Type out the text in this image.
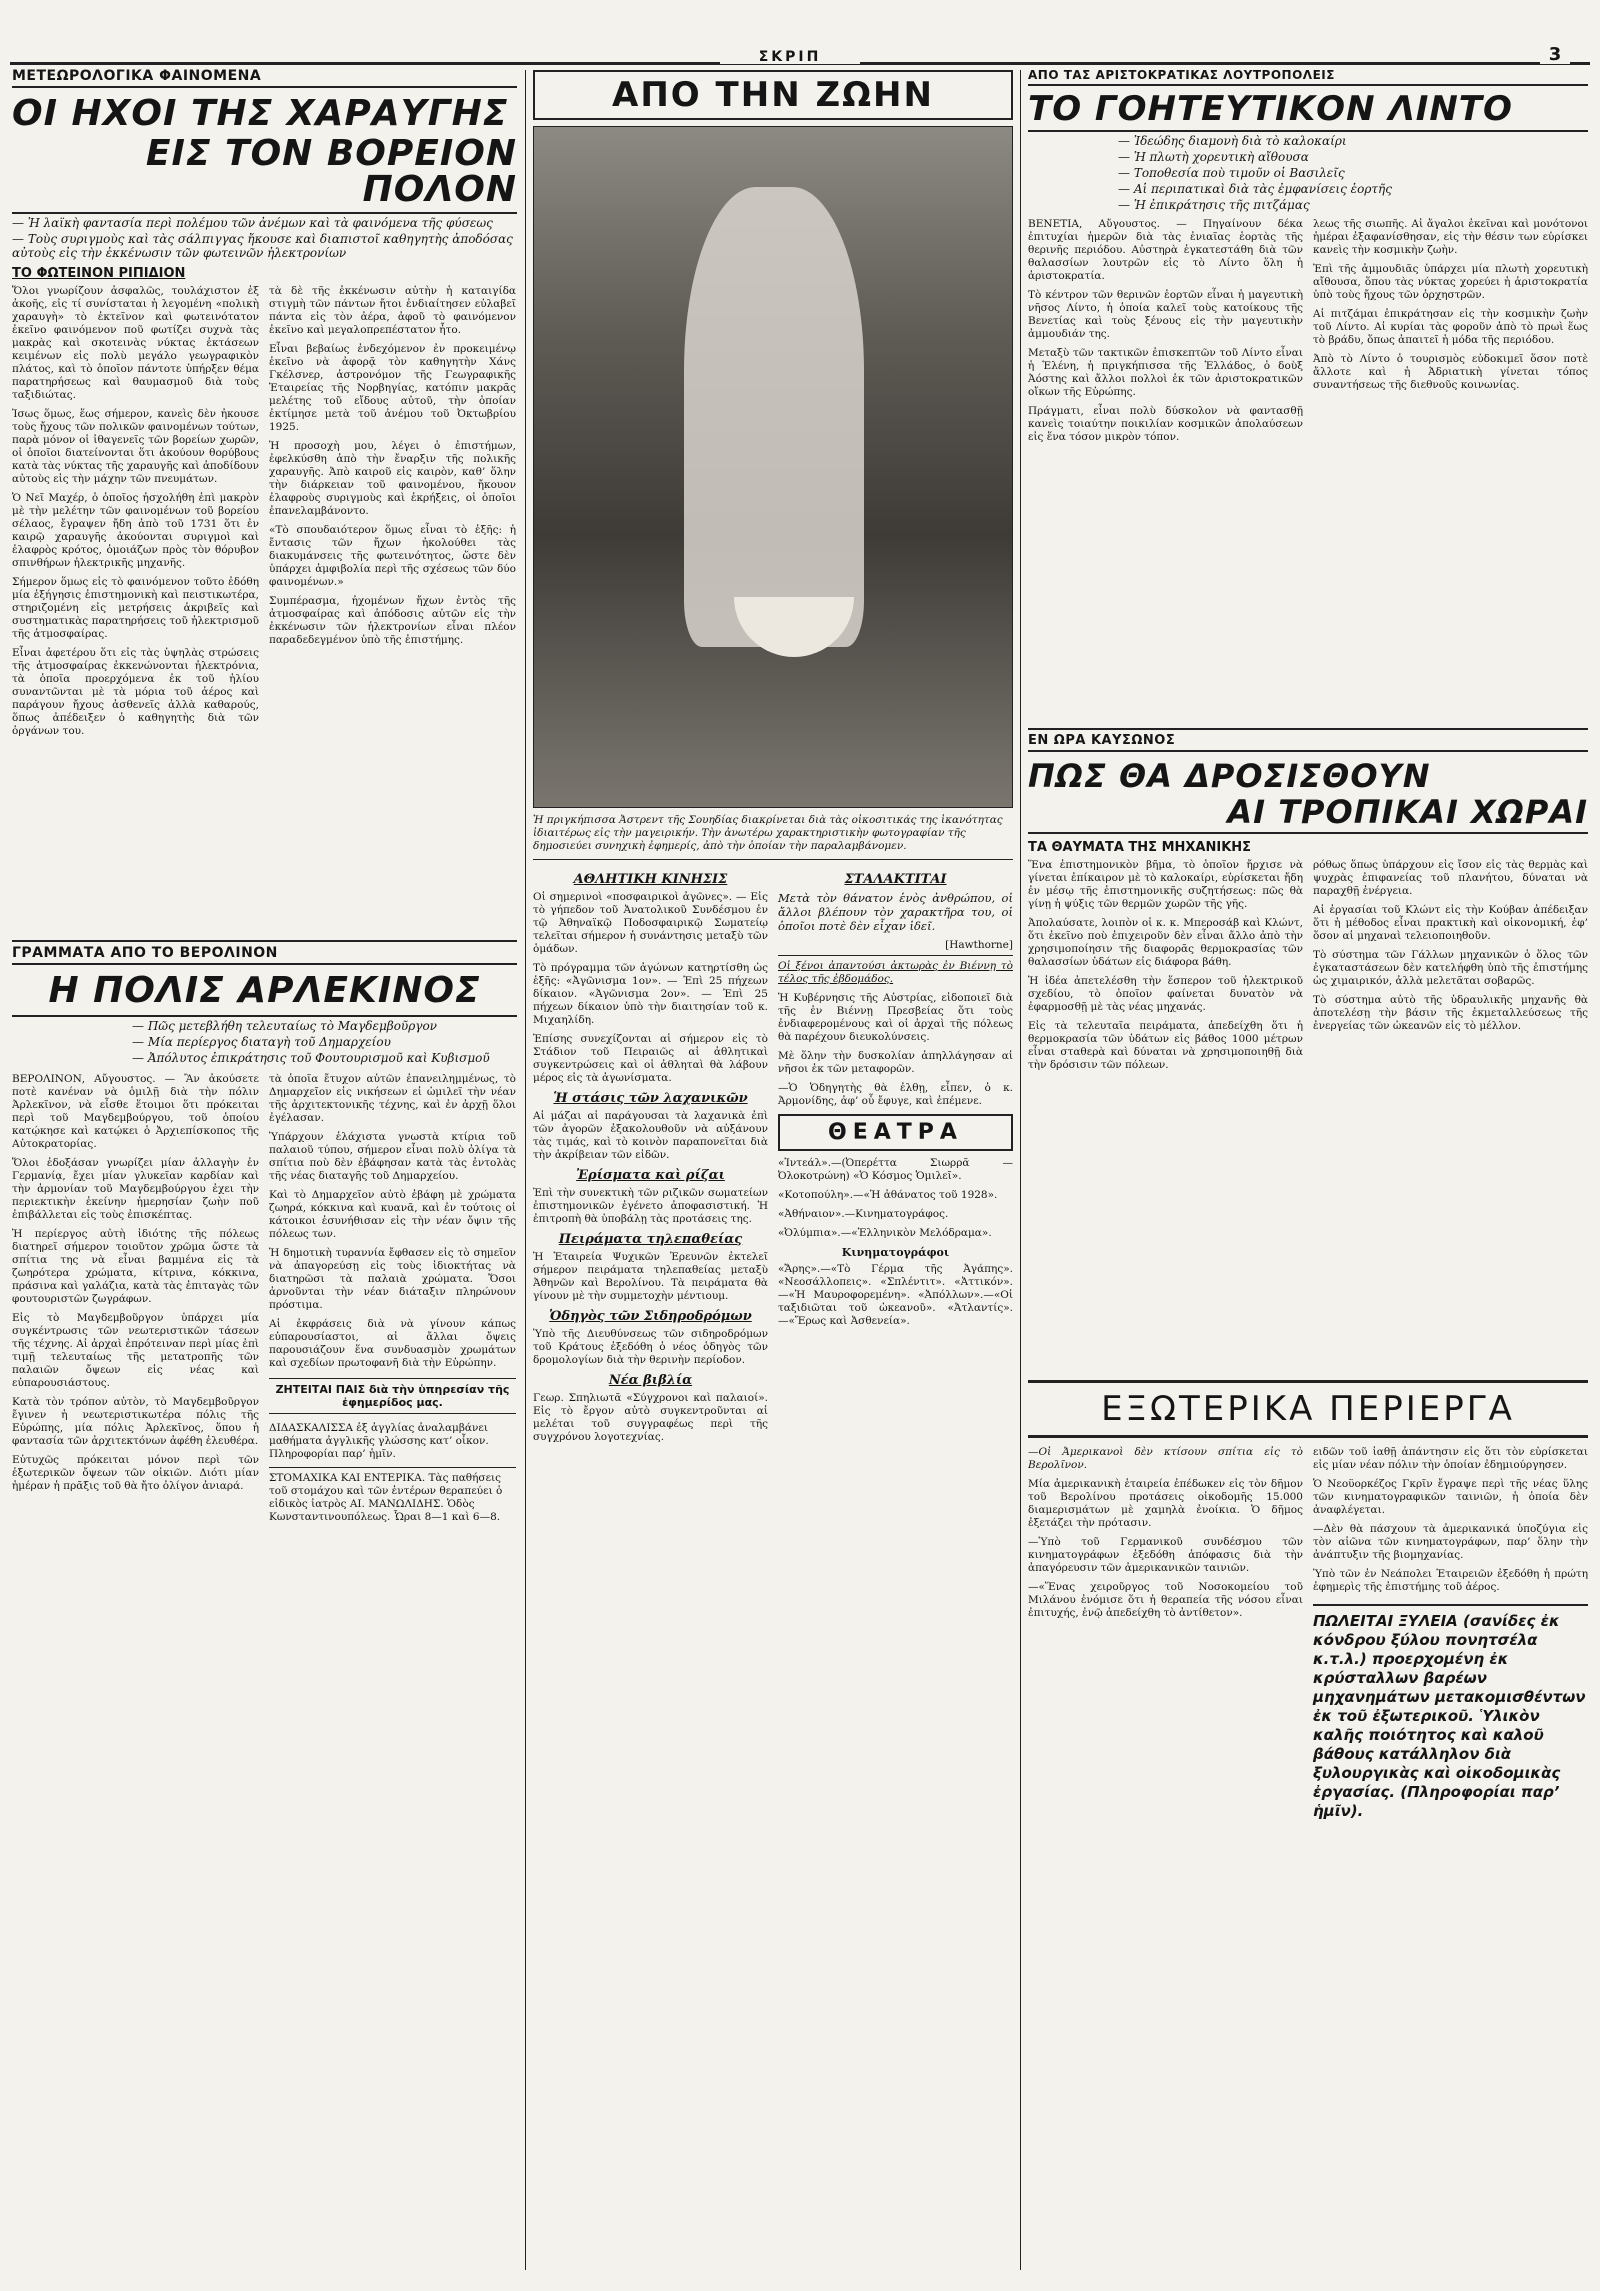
ΣΚΡΙΠ	3
ΜΕΤΕΩΡΟΛΟΓΙΚΑ ΦΑΙΝΟΜΕΝΑ
ΟΙ ΗΧΟΙ ΤΗΣ ΧΑΡΑΥΓΗΣ
ΕΙΣ ΤΟΝ ΒΟΡΕΙΟΝ ΠΟΛΟΝ
— Ἡ λαϊκὴ φαντασία περὶ πολέμου τῶν ἀνέμων καὶ τὰ φαινόμενα τῆς φύσεως
— Τοὺς συριγμοὺς καὶ τὰς σάλπιγγας ἤκουσε καὶ διαπιστοῖ καθηγητὴς ἀποδόσας αὐτοὺς εἰς τὴν ἐκκένωσιν τῶν φωτεινῶν ἠλεκτρονίων
ΤΟ ΦΩΤΕΙΝΟΝ ΡΙΠΙΔΙΟΝ

Ὅλοι γνωρίζουν ἀσφαλῶς, τουλάχιστον ἐξ ἀκοῆς, εἰς τί συνίσταται ἡ λεγομένη «πολικὴ χαραυγὴ» τὸ ἐκτεῖνον καὶ φωτεινότατον ἐκεῖνο φαινόμενον ποῦ φωτίζει συχνὰ τὰς μακρὰς καὶ σκοτεινὰς νύκτας ἐκτάσεων κειμένων εἰς πολὺ μεγάλο γεωγραφικὸν πλάτος, καὶ τὸ ὁποῖον πάντοτε ὑπήρξεν θέμα παρατηρήσεως καὶ θαυμασμοῦ διὰ τοὺς ταξιδιώτας.

Ἰσως ὅμως, ἕως σήμερον, κανεὶς δὲν ἠκουσε τοὺς ἤχους τῶν πολικῶν φαινομένων τούτων, παρὰ μόνον οἱ ἰθαγενεῖς τῶν βορείων χωρῶν, οἱ ὁποῖοι διατείνονται ὅτι ἀκούουν θορύβους κατὰ τὰς νύκτας τῆς χαραυγῆς καὶ ἀποδίδουν αὐτοὺς εἰς τὴν μάχην τῶν πνευμάτων.

Ὁ Νεῖ Μαχέρ, ὁ ὁποῖος ἠσχολήθη ἐπὶ μακρὸν μὲ τὴν μελέτην τῶν φαινομένων τοῦ βορείου σέλαος, ἔγραψεν ἤδη ἀπὸ τοῦ 1731 ὅτι ἐν καιρῷ χαραυγῆς ἀκούονται συριγμοὶ καὶ ἐλαφρὸς κρότος, ὁμοιάζων πρὸς τὸν θόρυβον σπινθήρων ἠλεκτρικῆς μηχανῆς.

Σήμερον ὅμως εἰς τὸ φαινόμενον τοῦτο ἐδόθη μία ἐξήγησις ἐπιστημονικὴ καὶ πειστικωτέρα, στηριζομένη εἰς μετρήσεις ἀκριβεῖς καὶ συστηματικὰς παρατηρήσεις τοῦ ἠλεκτρισμοῦ τῆς ἀτμοσφαίρας.

Εἶναι ἀφετέρου ὅτι εἰς τὰς ὑψηλὰς στρώσεις τῆς ἀτμοσφαίρας ἐκκενώνονται ἠλεκτρόνια, τὰ ὁποῖα προερχόμενα ἐκ τοῦ ἡλίου συναντῶνται μὲ τὰ μόρια τοῦ ἀέρος καὶ παράγουν ἤχους ἀσθενεῖς ἀλλὰ καθαρούς, ὅπως ἀπέδειξεν ὁ καθηγητὴς διὰ τῶν ὀργάνων του.

τὰ δὲ τῆς ἐκκένωσιν αὐτὴν ἡ καταιγίδα στιγμὴ τῶν πάντων ἤτοι ἐνδιαίτησεν εὐλαβεῖ πάντα εἰς τὸν ἀέρα, ἀφοῦ τὸ φαινόμενον ἐκεῖνο καὶ μεγαλοπρεπέστατον ἦτο.

Εἶναι βεβαίως ἐνδεχόμενον ἐν προκειμένῳ ἐκεῖνο νὰ ἀφορᾷ τὸν καθηγητὴν Χάνς Γκέλσνερ, ἀστρονόμον τῆς Γεωγραφικῆς Ἑταιρείας τῆς Νορβηγίας, κατόπιν μακρᾶς μελέτης τοῦ εἴδους αὐτοῦ, τὴν ὁποίαν ἐκτίμησε μετὰ τοῦ ἀνέμου τοῦ Ὀκτωβρίου 1925.

Ἡ προσοχὴ μου, λέγει ὁ ἐπιστήμων, ἐφελκύσθη ἀπὸ τὴν ἔναρξιν τῆς πολικῆς χαραυγῆς. Ἀπὸ καιροῦ εἰς καιρὸν, καθ’ ὅλην τὴν διάρκειαν τοῦ φαινομένου, ἤκουον ἐλαφροὺς συριγμοὺς καὶ ἐκρήξεις, οἱ ὁποῖοι ἐπανελαμβάνοντο.

«Τὸ σπουδαιότερον ὅμως εἶναι τὸ ἑξῆς: ἡ ἔντασις τῶν ἤχων ἠκολούθει τὰς διακυμάνσεις τῆς φωτεινότητος, ὥστε δὲν ὑπάρχει ἀμφιβολία περὶ τῆς σχέσεως τῶν δύο φαινομένων.»

Συμπέρασμα, ἠχομένων ἤχων ἐντὸς τῆς ἀτμοσφαίρας καὶ ἀπόδοσις αὐτῶν εἰς τὴν ἐκκένωσιν τῶν ἠλεκτρονίων εἶναι πλέον παραδεδεγμένον ὑπὸ τῆς ἐπιστήμης.

ΓΡΑΜΜΑΤΑ ΑΠΟ ΤΟ ΒΕΡΟΛΙΝΟΝ
Η ΠΟΛΙΣ ΑΡΛΕΚΙΝΟΣ
— Πῶς μετεβλήθη τελευταίως τὸ Μαγδεμβοῦργον
— Μία περίεργος διαταγὴ τοῦ Δημαρχείου
— Ἀπόλυτος ἐπικράτησις τοῦ Φουτουρισμοῦ καὶ Κυβισμοῦ

ΒΕΡΟΛΙΝΟΝ, Αὔγουστος. — Ἂν ἀκούσετε ποτὲ κανέναν νὰ ὁμιλῇ διὰ τὴν πόλιν Ἀρλεκῖνον, νὰ εἶσθε ἕτοιμοι ὅτι πρόκειται περὶ τοῦ Μαγδεμβούργου, τοῦ ὁποίου κατῴκησε καὶ κατῴκει ὁ Ἀρχιεπίσκοπος τῆς Αὐτοκρατορίας.

Ὅλοι ἐδοξάσαν γνωρίζει μίαν ἀλλαγὴν ἐν Γερμανίᾳ, ἔχει μίαν γλυκεῖαν καρδίαν καὶ τὴν ἀρμονίαν τοῦ Μαγδεμβούργου ἐχει τὴν περιεκτικὴν ἐκείνην ἡμερησίαν ζωὴν ποῦ ἐπιβάλλεται εἰς τοὺς ἐπισκέπτας.

Ἡ περίεργος αὐτὴ ἰδιότης τῆς πόλεως διατηρεῖ σήμερον τοιοῦτον χρῶμα ὥστε τὰ σπίτια της νὰ εἶναι βαμμένα εἰς τὰ ζωηρότερα χρώματα, κίτρινα, κόκκινα, πράσινα καὶ γαλάζια, κατὰ τὰς ἐπιταγὰς τῶν φουτουριστῶν ζωγράφων.

Εἰς τὸ Μαγδεμβοῦργον ὑπάρχει μία συγκέντρωσις τῶν νεωτεριστικῶν τάσεων τῆς τέχνης. Αἱ ἀρχαὶ ἐπρότειναν περὶ μίας ἐπὶ τιμῇ τελευταίως τῆς μετατροπῆς τῶν παλαιῶν ὄψεων εἰς νέας καὶ εὐπαρουσιάστους.

Κατὰ τὸν τρόπον αὐτὸν, τὸ Μαγδεμβοῦργον ἔγινεν ἡ νεωτεριστικωτέρα πόλις τῆς Εὐρώπης, μία πόλις Ἀρλεκῖνος, ὅπου ἡ φαντασία τῶν ἀρχιτεκτόνων ἀφέθη ἐλευθέρα.

Εὐτυχῶς πρόκειται μόνον περὶ τῶν ἐξωτερικῶν ὄψεων τῶν οἰκιῶν. Διότι μίαν ἡμέραν ἡ πρᾶξις τοῦ θὰ ἤτο ὀλίγον ἀνιαρά.

τὰ ὁποῖα ἔτυχον αὐτῶν ἐπανειλημμένως, τὸ Δημαρχεῖον εἰς νικήσεων εἰ ὠμιλεῖ τὴν νέαν τῆς ἀρχιτεκτονικῆς τέχνης, καὶ ἐν ἀρχῇ ὅλοι ἐγέλασαν.

Ὑπάρχουν ἐλάχιστα γνωστὰ κτίρια τοῦ παλαιοῦ τύπου, σήμερον εἶναι πολὺ ὀλίγα τὰ σπίτια ποὺ δὲν ἐβάφησαν κατὰ τὰς ἐντολὰς τῆς νέας διαταγῆς τοῦ Δημαρχείου.

Καὶ τὸ Δημαρχεῖον αὐτὸ ἐβάφη μὲ χρώματα ζωηρά, κόκκινα καὶ κυανᾶ, καὶ ἐν τούτοις οἱ κάτοικοι ἐσυνήθισαν εἰς τὴν νέαν ὄψιν τῆς πόλεως των.

Ἡ δημοτικὴ τυραννία ἔφθασεν εἰς τὸ σημεῖον νὰ ἀπαγορεύσῃ εἰς τοὺς ἰδιοκτήτας νὰ διατηρῶσι τὰ παλαιὰ χρώματα. Ὅσοι ἀρνοῦνται τὴν νέαν διάταξιν πληρώνουν πρόστιμα.

Αἱ ἐκφράσεις διὰ νὰ γίνουν κάπως εὐπαρουσίαστοι, αἱ ἄλλαι ὄψεις παρουσιάζουν ἕνα συνδυασμὸν χρωμάτων καὶ σχεδίων πρωτοφανῆ διὰ τὴν Εὐρώπην.

ΖΗΤΕΙΤΑΙ ΠΑΙΣ διὰ τὴν ὑπηρεσίαν τῆς ἐφημερίδος μας.
ΔΙΔΑΣΚΑΛΙΣΣΑ ἐξ ἀγγλίας ἀναλαμβάνει μαθήματα ἀγγλικῆς γλώσσης κατ’ οἶκον. Πληροφορίαι παρ’ ἡμῖν.
ΣΤΟΜΑΧΙΚΑ ΚΑΙ ΕΝΤΕΡΙΚΑ. Τὰς παθήσεις τοῦ στομάχου καὶ τῶν ἐντέρων θεραπεύει ὁ εἰδικὸς ἰατρὸς ΑΙ. ΜΑΝΩΛΙΔΗΣ. Ὁδὸς Κωνσταντινουπόλεως. Ὧραι 8—1 καὶ 6—8.
ΑΠΟ ΤΗΝ ΖΩΗΝ
Ἡ πριγκήπισσα Ἀστρεντ τῆς Σουηδίας διακρίνεται διὰ τὰς οἰκοσιτικάς της ἱκανότητας ἰδιαιτέρως εἰς τὴν μαγειρικήν. Τὴν ἀνωτέρω χαρακτηριστικὴν φωτογραφίαν τῆς δημοσιεύει συνηχικὴ ἐφημερίς, ἀπὸ τὴν ὁποίαν τὴν παραλαμβάνομεν.
ΑΘΛΗΤΙΚΗ ΚΙΝΗΣΙΣ

Οἱ σημερινοὶ «ποσφαιρικοὶ ἀγῶνες». — Εἰς τὸ γήπεδον τοῦ Ἀνατολικοῦ Συνδέσμου ἐν τῷ Ἀθηναϊκῷ Ποδοσφαιρικῷ Σωματείῳ τελεῖται σήμερον ἡ συνάντησις μεταξὺ τῶν ὁμάδων.

Τὸ πρόγραμμα τῶν ἀγώνων κατηρτίσθη ὡς ἑξῆς: «Ἀγῶνισμα 1ον». — Ἐπὶ 25 πήχεων δίκαιον. «Ἀγῶνισμα 2ον». — Ἐπὶ 25 πήχεων δίκαιον ὑπὸ τὴν διαιτησίαν τοῦ κ. Μιχαηλίδη.

Ἐπίσης συνεχίζονται αἱ σήμερον εἰς τὸ Στάδιον τοῦ Πειραιῶς αἱ ἀθλητικαὶ συγκεντρώσεις καὶ οἱ ἀθληταὶ θὰ λάβουν μέρος εἰς τὰ ἀγωνίσματα.

Ἡ στάσις τῶν λαχανικῶν

Αἱ μάζαι αἱ παράγουσαι τὰ λαχανικὰ ἐπὶ τῶν ἀγορῶν ἐξακολουθοῦν νὰ αὐξάνουν τὰς τιμάς, καὶ τὸ κοινὸν παραπονεῖται διὰ τὴν ἀκρίβειαν τῶν εἰδῶν.

Ἐρίσματα καὶ ρίζαι

Ἐπὶ τὴν συνεκτικὴ τῶν ριζικῶν σωματείων ἐπιστημονικῶν ἐγένετο ἀποφασιστική. Ἡ ἐπιτροπὴ θὰ ὑποβάλῃ τὰς προτάσεις της.

Πειράματα τηλεπαθείας

Ἡ Ἑταιρεία Ψυχικῶν Ἐρευνῶν ἐκτελεῖ σήμερον πειράματα τηλεπαθείας μεταξὺ Ἀθηνῶν καὶ Βερολίνου. Τὰ πειράματα θὰ γίνουν μὲ τὴν συμμετοχὴν μέντιουμ.

Ὁδηγὸς τῶν Σιδηροδρόμων

Ὑπὸ τῆς Διευθύνσεως τῶν σιδηροδρόμων τοῦ Κράτους ἐξεδόθη ὁ νέος ὁδηγὸς τῶν δρομολογίων διὰ τὴν θερινὴν περίοδον.

Νέα βιβλία

Γεωρ. Σπηλιωτᾶ «Σύγχρονοι καὶ παλαιοί». Εἰς τὸ ἔργον αὐτὸ συγκεντροῦνται αἱ μελέται τοῦ συγγραφέως περὶ τῆς συγχρόνου λογοτεχνίας.

ΣΤΑΛΑΚΤΙΤΑΙ

Μετὰ τὸν θάνατον ἑνὸς ἀνθρώπου, οἱ ἄλλοι βλέπουν τὸν χαρακτῆρα του, οἱ ὁποῖοι ποτὲ δὲν εἶχαν ἰδεῖ.

[Hawthorne]

Οἱ ξένοι ἀπαντούσι ἀκτωρὰς ἐν Βιέννῃ τὸ τέλος τῆς ἐβδομάδος.

Ἡ Κυβέρνησις τῆς Αὐστρίας, εἰδοποιεῖ διὰ τῆς ἐν Βιέννῃ Πρεσβείας ὅτι τοὺς ἐνδιαφερομένους καὶ οἱ ἀρχαὶ τῆς πόλεως θὰ παρέχουν διευκολύνσεις.

Μὲ ὅλην τὴν δυσκολίαν ἀπηλλάγησαν αἱ νῆσοι ἐκ τῶν μεταφορῶν.

—Ὁ Ὁδηγητὴς θὰ ἐλθῃ, εἶπεν, ὁ κ. Ἀρμονίδης, ἀφ’ οὗ ἔφυγε, καὶ ἐπέμενε.

ΘΕΑΤΡΑ

«Ἰντεάλ».—(Ὀπερέττα Σιωρρᾶ — Ὀλοκοτρώνη) «Ὁ Κόσμος Ὁμιλεῖ».

«Κοτοπούλη».—«Ἡ ἀθάνατος τοῦ 1928».

«Ἀθήναιον».—Κινηματογράφος.

«Ὀλύμπια».—«Ἑλληνικὸν Μελόδραμα».

Κινηματογράφοι

«Ἄρης».—«Τὸ Γέρμα τῆς Ἀγάπης». «Νεοσάλλοπεις». «Σπλέντιτ». «Ἀττικόν».—«Ἡ Μαυροφορεμένη». «Ἀπόλλων».—«Οἱ ταξιδιῶται τοῦ ὠκεανοῦ». «Ἀτλαντίς».—«Ἔρως καὶ Ἀσθενεία».

ΑΠΟ ΤΑΣ ΑΡΙΣΤΟΚΡΑΤΙΚΑΣ ΛΟΥΤΡΟΠΟΛΕΙΣ
ΤΟ ΓΟΗΤΕΥΤΙΚΟΝ ΛΙΝΤΟ
— Ἰδεώδης διαμονὴ διὰ τὸ καλοκαίρι
— Ἡ πλωτὴ χορευτικὴ αἴθουσα
— Τοποθεσία ποὺ τιμοῦν οἱ Βασιλεῖς
— Αἱ περιπατικαὶ διὰ τὰς ἐμφανίσεις ἑορτῆς
— Ἡ ἐπικράτησις τῆς πιτζάμας

ΒΕΝΕΤΙΑ, Αὔγουστος. — Πηγαίνουν δέκα ἐπιτυχίαι ἡμερῶν διὰ τὰς ἐνιαῖας ἑορτὰς τῆς θερινῆς περιόδου. Αὐστηρὰ ἐγκατεστάθη διὰ τῶν θαλασσίων λουτρῶν εἰς τὸ Λίντο ὅλη ἡ ἀριστοκρατία.

Τὸ κέντρον τῶν θερινῶν ἑορτῶν εἶναι ἡ μαγευτικὴ νῆσος Λίντο, ἡ ὁποία καλεῖ τοὺς κατοίκους τῆς Βενετίας καὶ τοὺς ξένους εἰς τὴν μαγευτικὴν ἀμμουδιάν της.

Μεταξὺ τῶν τακτικῶν ἐπισκεπτῶν τοῦ Λίντο εἶναι ἡ Ἑλένη, ἡ πριγκήπισσα τῆς Ἑλλάδος, ὁ δοὺξ Ἀόστης καὶ ἄλλοι πολλοὶ ἐκ τῶν ἀριστοκρατικῶν οἴκων τῆς Εὐρώπης.

Πράγματι, εἶναι πολὺ δύσκολον νὰ φαντασθῇ κανεὶς τοιαύτην ποικιλίαν κοσμικῶν ἀπολαύσεων εἰς ἕνα τόσον μικρὸν τόπον.

λεως τῆς σιωπῆς. Αἱ ἄγαλοι ἐκεῖναι καὶ μονότονοι ἡμέραι ἐξαφανίσθησαν, εἰς τὴν θέσιν των εὑρίσκει κανεὶς τὴν κοσμικὴν ζωὴν.

Ἐπὶ τῆς ἀμμουδιᾶς ὑπάρχει μία πλωτὴ χορευτικὴ αἴθουσα, ὅπου τὰς νύκτας χορεύει ἡ ἀριστοκρατία ὑπὸ τοὺς ἤχους τῶν ὀρχηστρῶν.

Αἱ πιτζάμαι ἐπικράτησαν εἰς τὴν κοσμικὴν ζωὴν τοῦ Λίντο. Αἱ κυρίαι τὰς φοροῦν ἀπὸ τὸ πρωὶ ἕως τὸ βράδυ, ὅπως ἀπαιτεῖ ἡ μόδα τῆς περιόδου.

Ἀπὸ τὸ Λίντο ὁ τουρισμὸς εὐδοκιμεῖ ὅσον ποτὲ ἄλλοτε καὶ ἡ Ἀδριατικὴ γίνεται τόπος συναντήσεως τῆς διεθνοῦς κοινωνίας.

ΕΝ ΩΡΑ ΚΑΥΣΩΝΟΣ
ΠΩΣ ΘΑ ΔΡΟΣΙΣΘΟΥΝ
ΑΙ ΤΡΟΠΙΚΑΙ ΧΩΡΑΙ
ΤΑ ΘΑΥΜΑΤΑ ΤΗΣ ΜΗΧΑΝΙΚΗΣ

Ἕνα ἐπιστημονικὸν βῆμα, τὸ ὁποῖον ἤρχισε νὰ γίνεται ἐπίκαιρον μὲ τὸ καλοκαίρι, εὑρίσκεται ἤδη ἐν μέσῳ τῆς ἐπιστημονικῆς συζητήσεως: πῶς θὰ γίνῃ ἡ ψύξις τῶν θερμῶν χωρῶν τῆς γῆς.

Ἀπολαύσατε, λοιπὸν οἱ κ. κ. Μπεροσάβ καὶ Κλώντ, ὅτι ἐκεῖνο ποὺ ἐπιχειροῦν δὲν εἶναι ἄλλο ἀπὸ τὴν χρησιμοποίησιν τῆς διαφορᾶς θερμοκρασίας τῶν θαλασσίων ὑδάτων εἰς διάφορα βάθη.

Ἡ ἰδέα ἀπετελέσθη τὴν ἕσπερον τοῦ ἠλεκτρικοῦ σχεδίου, τὸ ὁποῖον φαίνεται δυνατὸν νὰ ἐφαρμοσθῇ μὲ τὰς νέας μηχανάς.

Εἰς τὰ τελευταῖα πειράματα, ἀπεδείχθη ὅτι ἡ θερμοκρασία τῶν ὑδάτων εἰς βάθος 1000 μέτρων εἶναι σταθερὰ καὶ δύναται νὰ χρησιμοποιηθῇ διὰ τὴν δρόσισιν τῶν πόλεων.

ρόθως ὅπως ὑπάρχουν εἰς ἴσον εἰς τὰς θερμὰς καὶ ψυχρὰς ἐπιφανείας τοῦ πλανήτου, δύναται νὰ παραχθῇ ἐνέργεια.

Αἱ ἐργασίαι τοῦ Κλώντ εἰς τὴν Κούβαν ἀπέδειξαν ὅτι ἡ μέθοδος εἶναι πρακτικὴ καὶ οἰκονομική, ἐφ’ ὅσον αἱ μηχαναὶ τελειοποιηθοῦν.

Τὸ σύστημα τῶν Γάλλων μηχανικῶν ὁ ὅλος τῶν ἐγκαταστάσεων δὲν κατελήφθη ὑπὸ τῆς ἐπιστήμης ὡς χιμαιρικόν, ἀλλὰ μελετᾶται σοβαρῶς.

Τὸ σύστημα αὐτὸ τῆς ὑδραυλικῆς μηχανῆς θὰ ἀποτελέσῃ τὴν βάσιν τῆς ἐκμεταλλεύσεως τῆς ἐνεργείας τῶν ὠκεανῶν εἰς τὸ μέλλον.

ΕΞΩΤΕΡΙΚΑ ΠΕΡΙΕΡΓΑ

—Οἱ Ἀμερικανοὶ δὲν κτίσουν σπίτια εἰς τὸ Βερολῖνον.

Μία ἀμερικανικὴ ἑταιρεία ἐπέδωκεν εἰς τὸν δῆμον τοῦ Βερολίνου προτάσεις οἰκοδομῆς 15.000 διαμερισμάτων μὲ χαμηλὰ ἐνοίκια. Ὁ δῆμος ἐξετάζει τὴν πρότασιν.

—Ὑπὸ τοῦ Γερμανικοῦ συνδέσμου τῶν κινηματογράφων ἐξεδόθη ἀπόφασις διὰ τὴν ἀπαγόρευσιν τῶν ἀμερικανικῶν ταινιῶν.

—«Ἕνας χειροῦργος τοῦ Νοσοκομείου τοῦ Μιλάνου ἐνόμισε ὅτι ἡ θεραπεία τῆς νόσου εἶναι ἐπιτυχής, ἐνῷ ἀπεδείχθη τὸ ἀντίθετον».

ειδῶν τοῦ ἰαθῇ ἀπάντησιν εἰς ὅτι τὸν εὑρίσκεται εἰς μίαν νέαν πόλιν τὴν ὁποίαν ἐδημιούργησεν.

Ὁ Νεοϋορκέζος Γκρῖν ἔγραψε περὶ τῆς νέας ὕλης τῶν κινηματογραφικῶν ταινιῶν, ἡ ὁποία δὲν ἀναφλέγεται.

—Δὲν θὰ πάσχουν τὰ ἀμερικανικά ὑποζύγια εἰς τὸν αἰῶνα τῶν κινηματογράφων, παρ’ ὅλην τὴν ἀνάπτυξιν τῆς βιομηχανίας.

Ὑπὸ τῶν ἐν Νεάπολει Ἑταιρειῶν ἐξεδόθη ἡ πρώτη ἐφημερὶς τῆς ἐπιστήμης τοῦ ἀέρος.

ΠΩΛΕΙΤΑΙ ΞΥΛΕΙΑ (σανίδες ἐκ κόνδρου ξύλου πονητσέλα κ.τ.λ.) προερχομένη ἐκ κρύσταλλων βαρέων μηχανημάτων μετακομισθέντων ἐκ τοῦ ἐξωτερικοῦ. Ὑλικὸν καλῆς ποιότητος καὶ καλοῦ βάθους κατάλληλον διὰ ξυλουργικὰς καὶ οἰκοδομικὰς ἐργασίας. (Πληροφορίαι παρ’ ἡμῖν).
